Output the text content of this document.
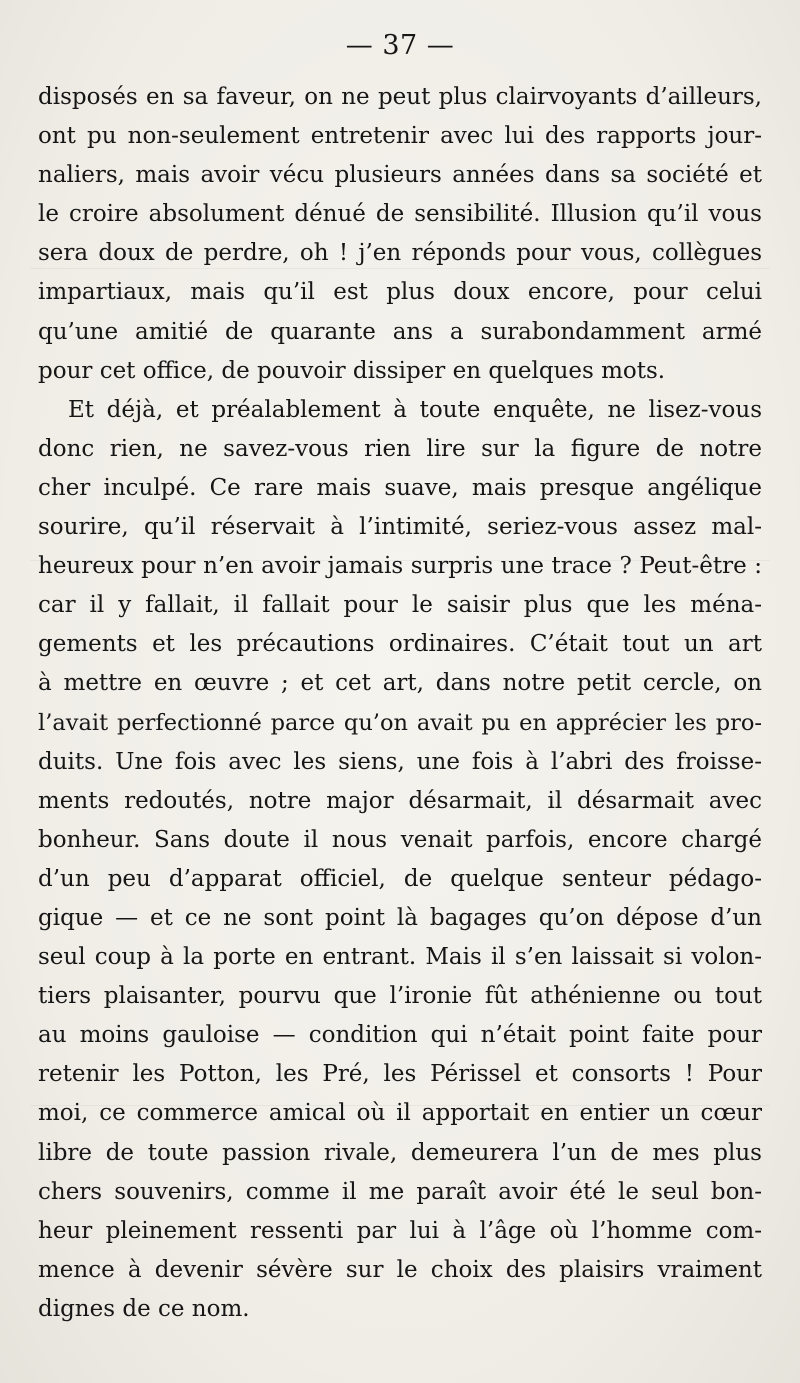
— 37 —
disposés en sa faveur, on ne peut plus clairvoyants d’ailleurs,
ont pu non-seulement entretenir avec lui des rapports jour-
naliers, mais avoir vécu plusieurs années dans sa société et
le croire absolument dénué de sensibilité. Illusion qu’il vous
sera doux de perdre, oh ! j’en réponds pour vous, collègues
impartiaux, mais qu’il est plus doux encore, pour celui
qu’une amitié de quarante ans a surabondamment armé
pour cet office, de pouvoir dissiper en quelques mots.
Et déjà, et préalablement à toute enquête, ne lisez-vous
donc rien, ne savez-vous rien lire sur la figure de notre
cher inculpé. Ce rare mais suave, mais presque angélique
sourire, qu’il réservait à l’intimité, seriez-vous assez mal-
heureux pour n’en avoir jamais surpris une trace ? Peut-être :
car il y fallait, il fallait pour le saisir plus que les ména-
gements et les précautions ordinaires. C’était tout un art
à mettre en œuvre ; et cet art, dans notre petit cercle, on
l’avait perfectionné parce qu’on avait pu en apprécier les pro-
duits. Une fois avec les siens, une fois à l’abri des froisse-
ments redoutés, notre major désarmait, il désarmait avec
bonheur. Sans doute il nous venait parfois, encore chargé
d’un peu d’apparat officiel, de quelque senteur pédago-
gique — et ce ne sont point là bagages qu’on dépose d’un
seul coup à la porte en entrant. Mais il s’en laissait si volon-
tiers plaisanter, pourvu que l’ironie fût athénienne ou tout
au moins gauloise — condition qui n’était point faite pour
retenir les Potton, les Pré, les Périssel et consorts ! Pour
moi, ce commerce amical où il apportait en entier un cœur
libre de toute passion rivale, demeurera l’un de mes plus
chers souvenirs, comme il me paraît avoir été le seul bon-
heur pleinement ressenti par lui à l’âge où l’homme com-
mence à devenir sévère sur le choix des plaisirs vraiment
dignes de ce nom.
